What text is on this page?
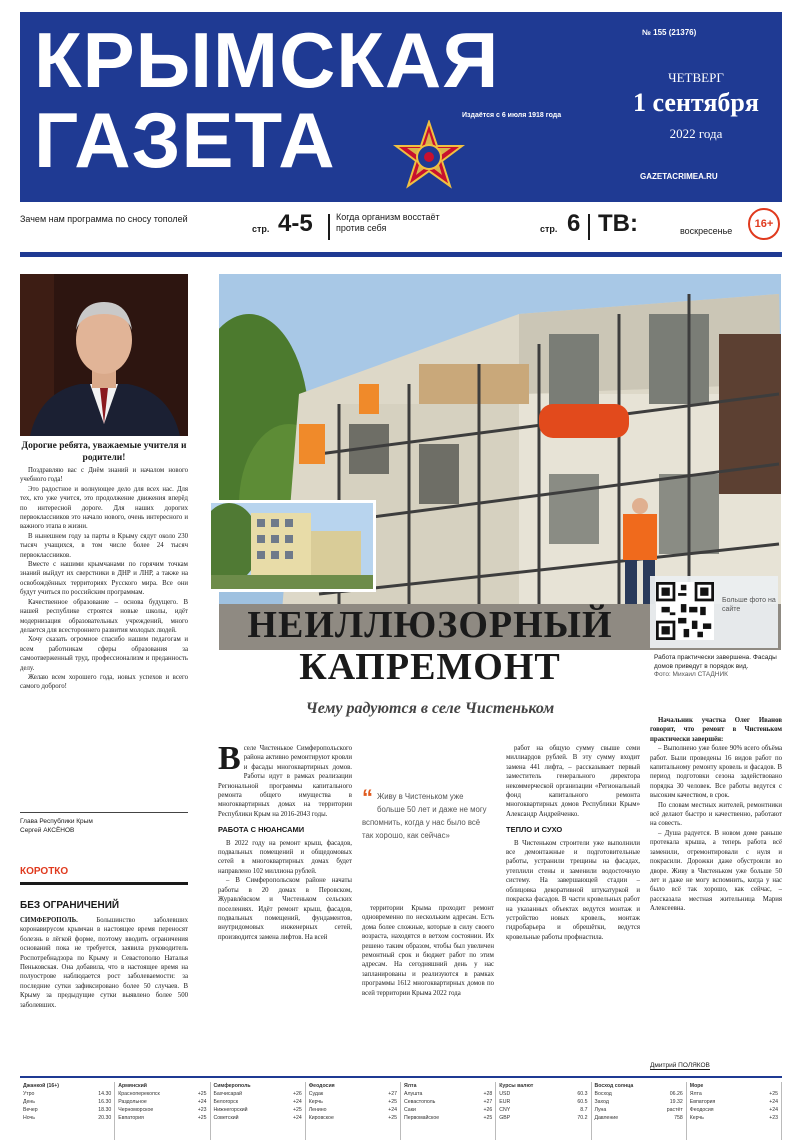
КРЫМСКАЯ
ГАЗЕТА	Издаётся с 6 июля 1918 года
№ 155 (21376)
ЧЕТВЕРГ
1 сентября
2022 года
GAZETACRIMEA.RU
Зачем нам программа по сносу тополей
стр. 4-5	Когда организм восстаёт против себя	стр. 6 ТВ:	воскресенье
16+
Больше фото на сайте
Дорогие ребята, уважаемые учителя и родители!

Поздравляю вас с Днём знаний и началом нового учебного года!

Это радостное и волнующее дело для всех нас. Для тех, кто уже учится, это продолжение движения вперёд по интересной дороге. Для наших дорогих первоклассников это начало нового, очень интересного и важного этапа в жизни.

В нынешнем году за парты в Крыму сядут около 230 тысяч учащихся, в том числе более 24 тысяч первоклассников.

Вместе с нашими крымчанами по горячим точкам знаний выйдут их сверстники в ДНР и ЛНР, а также на освобождённых территориях Русского мира. Все они будут учиться по российским программам.

Качественное образование – основа будущего. В нашей республике строятся новые школы, идёт модернизация образовательных учреждений, много делается для всестороннего развития молодых людей.

Хочу сказать огромное спасибо нашим педагогам и всем работникам сферы образования за самоотверженный труд, профессионализм и преданность делу.

Желаю всем хорошего года, новых успехов и всего самого доброго!

Глава Республики Крым
Сергей АКСЁНОВ
КОРОТКО
БЕЗ ОГРАНИЧЕНИЙ
СИМФЕРОПОЛЬ.	Большинство заболевших коронавирусом крымчан в настоящее время переносят болезнь в лёгкой форме, поэтому вводить ограничения оснований пока не требуется, заявила руководитель Роспотребнадзора по Крыму и Севастополю Наталья Пеньковская. Она добавила, что в настоящее время на полуострове наблюдается рост заболеваемости: за последние сутки зафиксировано более 50 случаев. В Крыму за предыдущие сутки выявлено более 500 заболевших.
НЕИЛЛЮЗОРНЫЙ
КАПРЕМОНТ
Чему радуются в селе Чистеньком
Работа практически завершена. Фасады домов приведут в порядок вид.
Фото: Михаил СТАДНИК
В селе Чистенькое Симферопольского района активно ремонтируют кровли и фасады многоквартирных домов. Работы идут в рамках реализации Региональной программы капитального ремонта общего имущества в многоквартирных домах на территории Республики Крым на 2016-2043 годы.
РАБОТА С НЮАНСАМИ

В 2022 году на ремонт крыш, фасадов, подвальных помещений и общедомовых сетей в многоквартирных домах будет направлено 102 миллиона рублей.

– В Симферопольском районе начаты работы в 20 домах в Перовском, Журавлёвском и Чистеньком сельских поселениях. Идёт ремонт крыш, фасадов, подвальных помещений, фундаментов, внутридомовых инженерных сетей, производится замена лифтов. На всей

“ Живу в Чистеньком уже больше 50 лет и даже не могу вспомнить, когда у нас было всё так хорошо, как сейчас»

территории Крыма проходит ремонт одновременно по нескольким адресам. Есть дома более сложные, которые в силу своего возраста, находятся в ветхом состоянии. Их решено таким образом, чтобы был увеличен ремонтный срок и бюджет работ по этим адресам. На сегодняшний день у нас запланированы и реализуются в рамках программы 1612 многоквартирных домов по всей территории Крыма 2022 года

работ на общую сумму свыше семи миллиардов рублей. В эту сумму входит замена 441 лифта, – рассказывает первый заместитель генерального директора некоммерческой организации «Региональный фонд капитального ремонта многоквартирных домов Республики Крым» Александр Андрейченко.

ТЕПЛО И СУХО

В Чистеньком строители уже выполнили все демонтажные и подготовительные работы, устранили трещины на фасадах, утеплили стены и заменили водосточную систему. На завершающей стадии – облицовка декоративной штукатуркой и покраска фасадов. В части кровельных работ на указанных объектах ведутся монтаж и устройство новых кровель, монтаж гидробарьера и обрешётки, ведутся кровельные работы профнастила.

Начальник участка Олег Иванов говорит, что ремонт в Чистеньком практически завершён:

– Выполнено уже более 90% всего объёма работ. Были проведены 16 видов работ по капитальному ремонту кровель и фасадов. В период подготовки сезона задействовано порядка 30 человек. Все работы ведутся с высоким качеством, в срок.

По словам местных жителей, ремонтники всё делают быстро и качественно, работают на совесть.

– Душа радуется. В новом доме раньше протекала крыша, а теперь работа всё заменили, отремонтировали с нуля и покрасили. Дорожки даже обустроили во дворе. Живу в Чистеньком уже больше 50 лет и даже не могу вспомнить, когда у нас было всё так хорошо, как сейчас, – рассказала местная жительница Мария Алексеевна.

Дмитрий ПОЛЯКОВ
Джанкой (16+)
Утро	14.30
День	16.30
Вечер	18.30
Ночь	20.30
Армянский
Красноперекопск	+25
Раздольное	+24
Черноморское	+23
Евпатория	+25
Симферополь
Бахчисарай	+26
Белогорск	+24
Нижнегорский	+25
Советский	+24
Феодосия
Судак	+27
Керчь	+25
Ленино	+24
Кировское	+25
Ялта
Алушта	+28
Севастополь	+27
Саки	+26
Первомайское	+25
Курсы валют
USD	60.3
EUR	60.5
CNY	8.7
GBP	70.2
Восход солнца
Восход	06.26
Заход	19.32
Луна	растёт
Давление	758
Море
Ялта	+25
Евпатория	+24
Феодосия	+24
Керчь	+23
